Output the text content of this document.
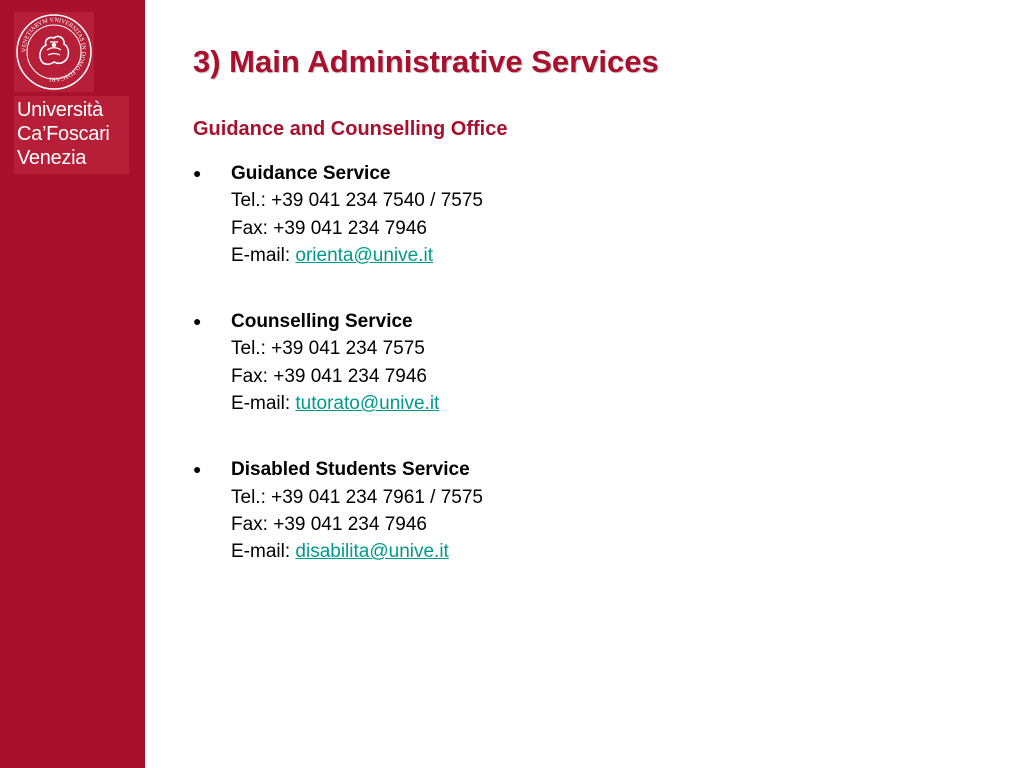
VENETIARVM VNIVERSITAS IN DOMO FOSCARI
Università
Ca’Foscari
Venezia
3) Main Administrative Services
Guidance and Counselling Office
● Guidance Service
Tel.: +39 041 234 7540 / 7575
Fax: +39 041 234 7946
E-mail: orienta@unive.it
● Counselling Service
Tel.: +39 041 234 7575
Fax: +39 041 234 7946
E-mail: tutorato@unive.it
● Disabled Students Service
Tel.: +39 041 234 7961 / 7575
Fax: +39 041 234 7946
E-mail: disabilita@unive.it
